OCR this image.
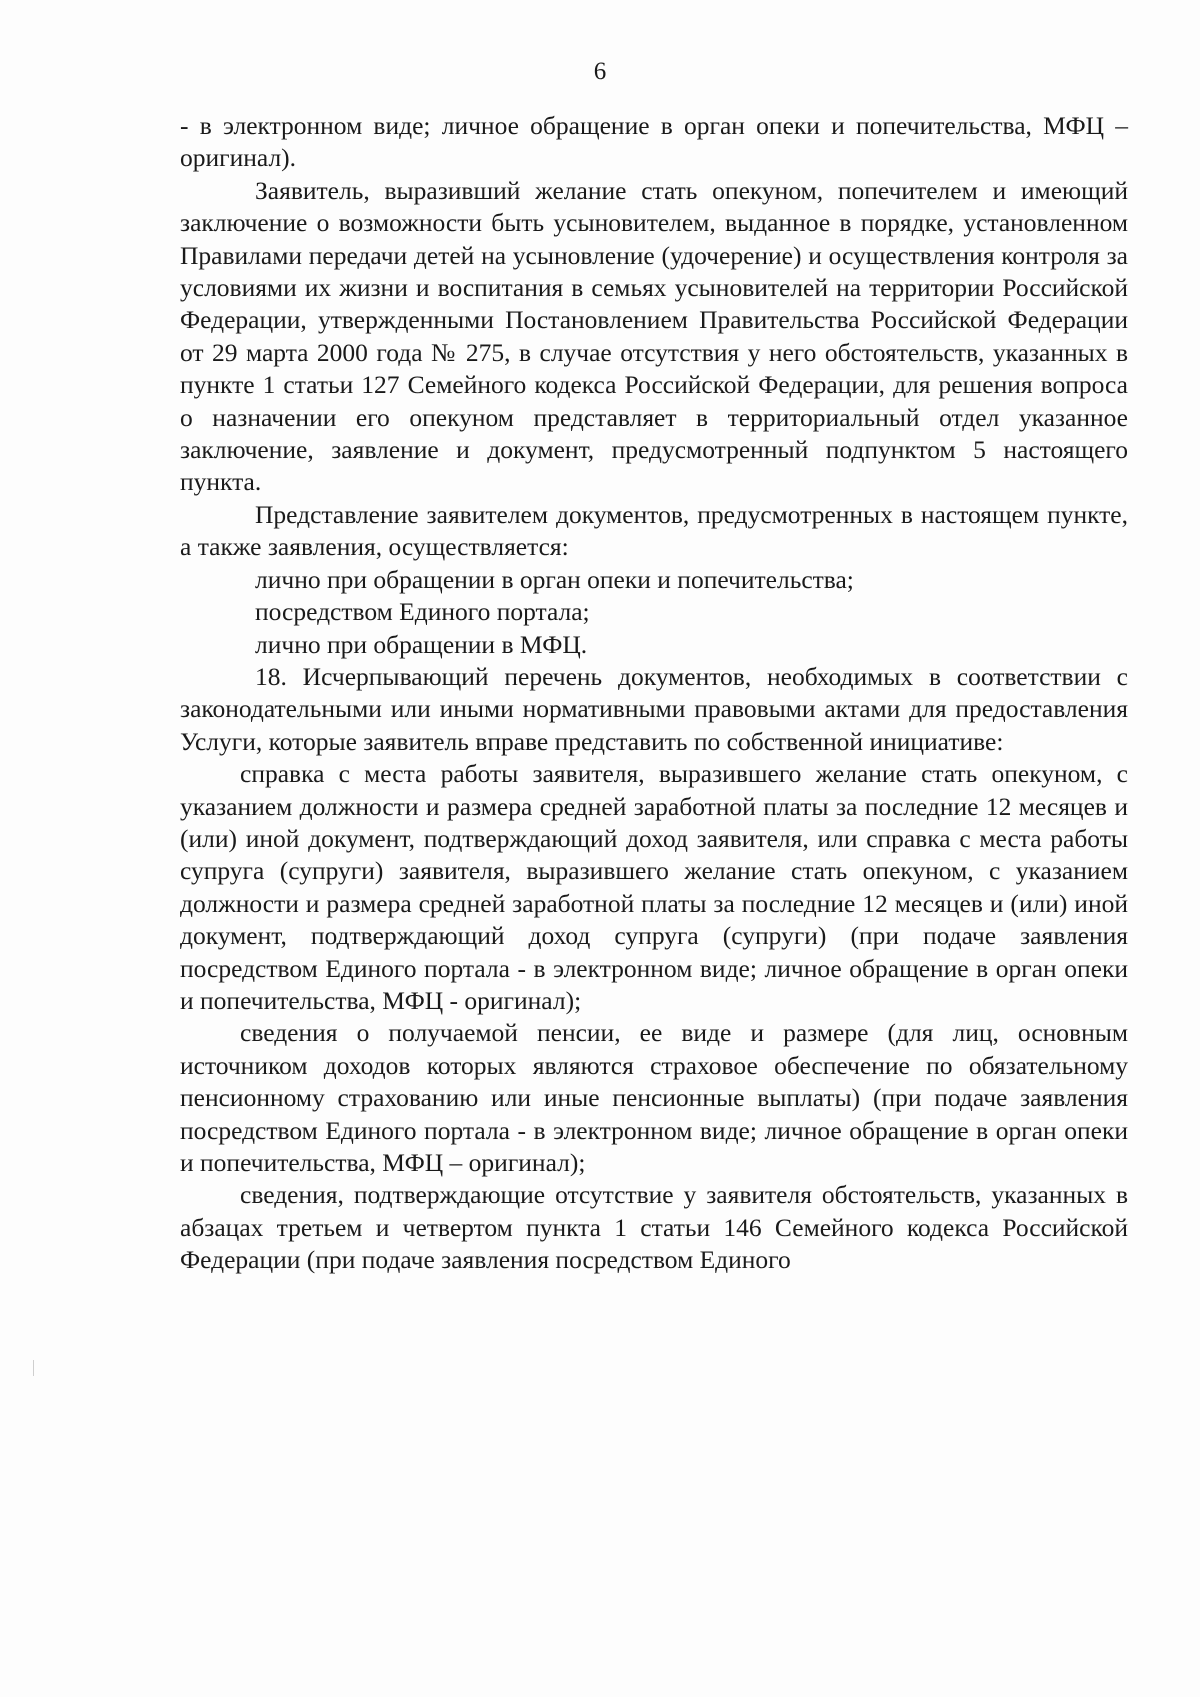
6

- в электронном виде; личное обращение в орган опеки и попечительства, МФЦ – оригинал).

Заявитель, выразивший желание стать опекуном, попечителем и имеющий заключение о возможности быть усыновителем, выданное в порядке, установленном Правилами передачи детей на усыновление (удочерение) и осуществления контроля за условиями их жизни и воспитания в семьях усыновителей на территории Российской Федерации, утвержденными Постановлением Правительства Российской Федерации от 29 марта 2000 года № 275, в случае отсутствия у него обстоятельств, указанных в пункте 1 статьи 127 Семейного кодекса Российской Федерации, для решения вопроса о назначении его опекуном представляет в территориальный отдел указанное заключение, заявление и документ, предусмотренный подпунктом 5 настоящего пункта.

Представление заявителем документов, предусмотренных в настоящем пункте, а также заявления, осуществляется:

лично при обращении в орган опеки и попечительства;

посредством Единого портала;

лично при обращении в МФЦ.

18. Исчерпывающий перечень документов, необходимых в соответствии с законодательными или иными нормативными правовыми актами для предоставления Услуги, которые заявитель вправе представить по собственной инициативе:

справка с места работы заявителя, выразившего желание стать опекуном, с указанием должности и размера средней заработной платы за последние 12 месяцев и (или) иной документ, подтверждающий доход заявителя, или справка с места работы супруга (супруги) заявителя, выразившего желание стать опекуном, с указанием должности и размера средней заработной платы за последние 12 месяцев и (или) иной документ, подтверждающий доход супруга (супруги) (при подаче заявления посредством Единого портала - в электронном виде; личное обращение в орган опеки и попечительства, МФЦ - оригинал);

сведения о получаемой пенсии, ее виде и размере (для лиц, основным источником доходов которых являются страховое обеспечение по обязательному пенсионному страхованию или иные пенсионные выплаты) (при подаче заявления посредством Единого портала - в электронном виде; личное обращение в орган опеки и попечительства, МФЦ – оригинал);

сведения, подтверждающие отсутствие у заявителя обстоятельств, указанных в абзацах третьем и четвертом пункта 1 статьи 146 Семейного кодекса Российской Федерации (при подаче заявления посредством Единого
